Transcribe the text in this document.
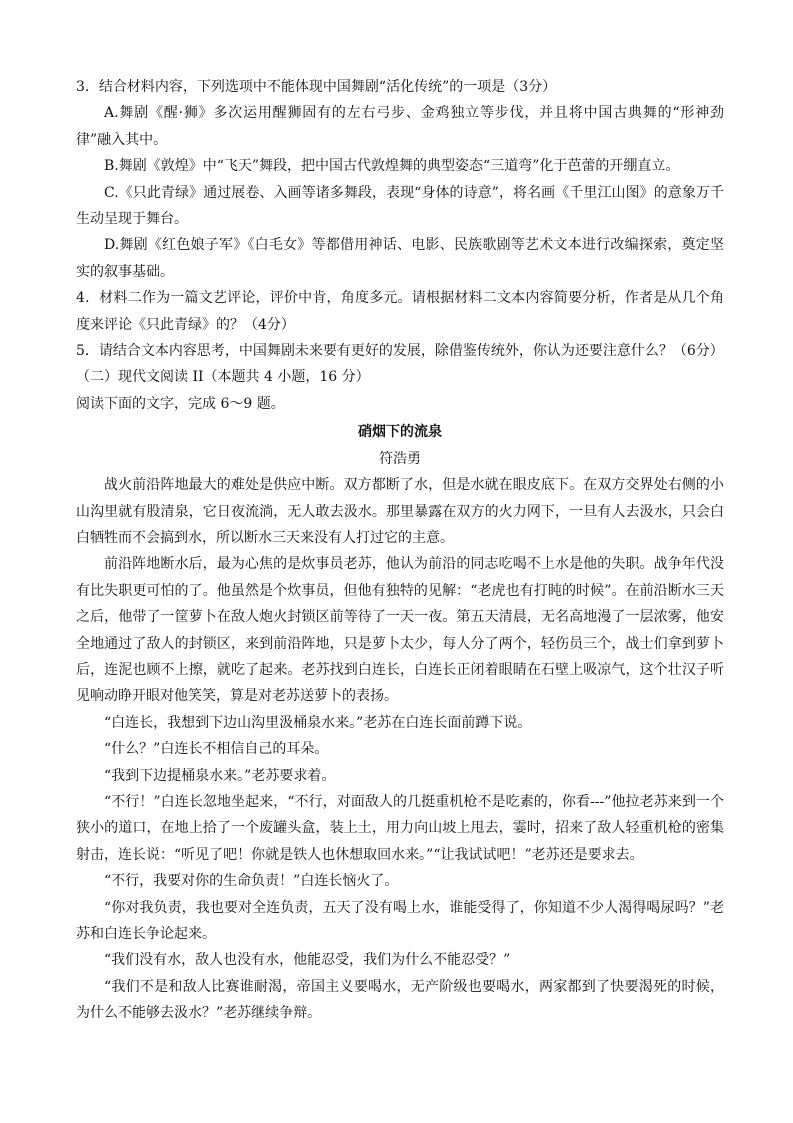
3．结合材料内容，下列选项中不能体现中国舞剧“活化传统”的一项是（3分）

A.舞剧《醒·狮》多次运用醒狮固有的左右弓步、金鸡独立等步伐，并且将中国古典舞的“形神劲律”融入其中。

B.舞剧《敦煌》中“飞天”舞段，把中国古代敦煌舞的典型姿态“三道弯”化于芭蕾的开绷直立。

C.《只此青绿》通过展卷、入画等诸多舞段，表现“身体的诗意”，将名画《千里江山图》的意象万千生动呈现于舞台。

D.舞剧《红色娘子军》《白毛女》等都借用神话、电影、民族歌剧等艺术文本进行改编探索，奠定坚实的叙事基础。

4．材料二作为一篇文艺评论，评价中肯，角度多元。请根据材料二文本内容简要分析，作者是从几个角度来评论《只此青绿》的？（4分）

5．请结合文本内容思考，中国舞剧未来要有更好的发展，除借鉴传统外，你认为还要注意什么？（6分）

（二）现代文阅读 II（本题共 4 小题，16 分）

阅读下面的文字，完成 6～9 题。

硝烟下的流泉

符浩勇

战火前沿阵地最大的难处是供应中断。双方都断了水，但是水就在眼皮底下。在双方交界处右侧的小山沟里就有股清泉，它日夜流淌，无人敢去汲水。那里暴露在双方的火力网下，一旦有人去汲水，只会白白牺牲而不会搞到水，所以断水三天来没有人打过它的主意。

前沿阵地断水后，最为心焦的是炊事员老苏，他认为前沿的同志吃喝不上水是他的失职。战争年代没有比失职更可怕的了。他虽然是个炊事员，但他有独特的见解：“老虎也有打盹的时候”。在前沿断水三天之后，他带了一筐萝卜在敌人炮火封锁区前等待了一天一夜。第五天清晨，无名高地漫了一层浓雾，他安全地通过了敌人的封锁区，来到前沿阵地，只是萝卜太少，每人分了两个，轻伤员三个，战士们拿到萝卜后，连泥也顾不上擦，就吃了起来。老苏找到白连长，白连长正闭着眼睛在石壁上吸凉气，这个壮汉子听见响动睁开眼对他笑笑，算是对老苏送萝卜的表扬。

“白连长，我想到下边山沟里汲桶泉水来。”老苏在白连长面前蹲下说。

“什么？”白连长不相信自己的耳朵。

“我到下边提桶泉水来。”老苏要求着。

“不行！”白连长忽地坐起来，“不行，对面敌人的几挺重机枪不是吃素的，你看---”他拉老苏来到一个狭小的道口，在地上拾了一个废罐头盒，装上土，用力向山坡上甩去，霎时，招来了敌人轻重机枪的密集射击，连长说：“听见了吧！你就是铁人也休想取回水来。”“让我试试吧！”老苏还是要求去。

“不行，我要对你的生命负责！”白连长恼火了。

“你对我负责，我也要对全连负责，五天了没有喝上水，谁能受得了，你知道不少人渴得喝尿吗？”老苏和白连长争论起来。

“我们没有水，敌人也没有水，他能忍受，我们为什么不能忍受？”

“我们不是和敌人比赛谁耐渴，帝国主义要喝水，无产阶级也要喝水，两家都到了快要渴死的时候，为什么不能够去汲水？”老苏继续争辩。
